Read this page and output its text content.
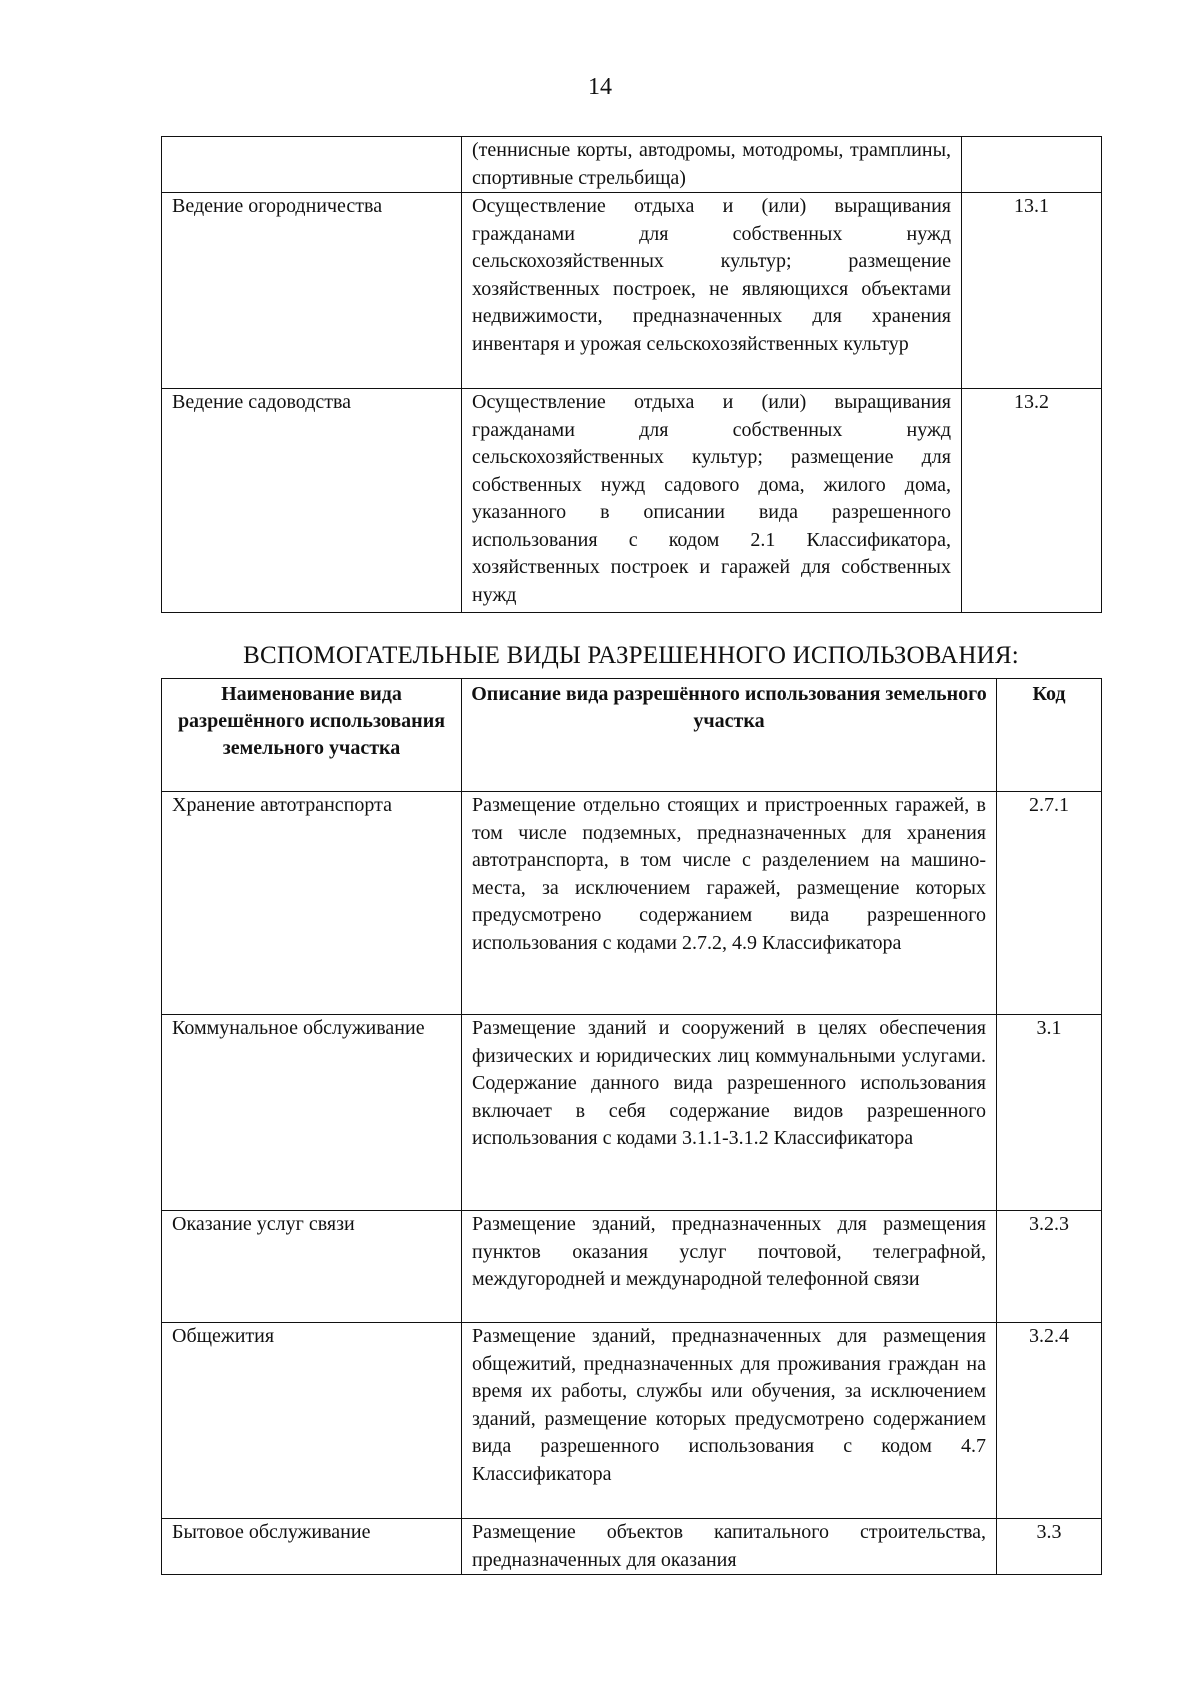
14
	(теннисные корты, автодромы, мотодромы, трамплины, спортивные стрельбища)	
Ведение огородничества	Осуществление отдыха и (или) выращивания гражданами для собственных нужд сельскохозяйственных культур; размещение хозяйственных построек, не являющихся объектами недвижимости, предназначенных для хранения инвентаря и урожая сельскохозяйственных культур	13.1
Ведение садоводства	Осуществление отдыха и (или) выращивания гражданами для собственных нужд сельскохозяйственных культур; размещение для собственных нужд садового дома, жилого дома, указанного в описании вида разрешенного использования с кодом 2.1 Классификатора, хозяйственных построек и гаражей для собственных нужд	13.2
ВСПОМОГАТЕЛЬНЫЕ ВИДЫ РАЗРЕШЕННОГО ИСПОЛЬЗОВАНИЯ:
Наименование вида разрешённого использования земельного участка	Описание вида разрешённого использования земельного участка	Код
Хранение автотранспорта	Размещение отдельно стоящих и пристроенных гаражей, в том числе подземных, предназначенных для хранения автотранспорта, в том числе с разделением на машино-места, за исключением гаражей, размещение которых предусмотрено содержанием вида разрешенного использования с кодами 2.7.2, 4.9 Классификатора	2.7.1
Коммунальное обслуживание	Размещение зданий и сооружений в целях обеспечения физических и юридических лиц коммунальными услугами. Содержание данного вида разрешенного использования включает в себя содержание видов разрешенного использования с кодами 3.1.1-3.1.2 Классификатора	3.1
Оказание услуг связи	Размещение зданий, предназначенных для размещения пунктов оказания услуг почтовой, телеграфной, междугородней и международной телефонной связи	3.2.3
Общежития	Размещение зданий, предназначенных для размещения общежитий, предназначенных для проживания граждан на время их работы, службы или обучения, за исключением зданий, размещение которых предусмотрено содержанием вида разрешенного использования с кодом 4.7 Классификатора	3.2.4
Бытовое обслуживание	Размещение объектов капитального строительства, предназначенных для оказания	3.3
